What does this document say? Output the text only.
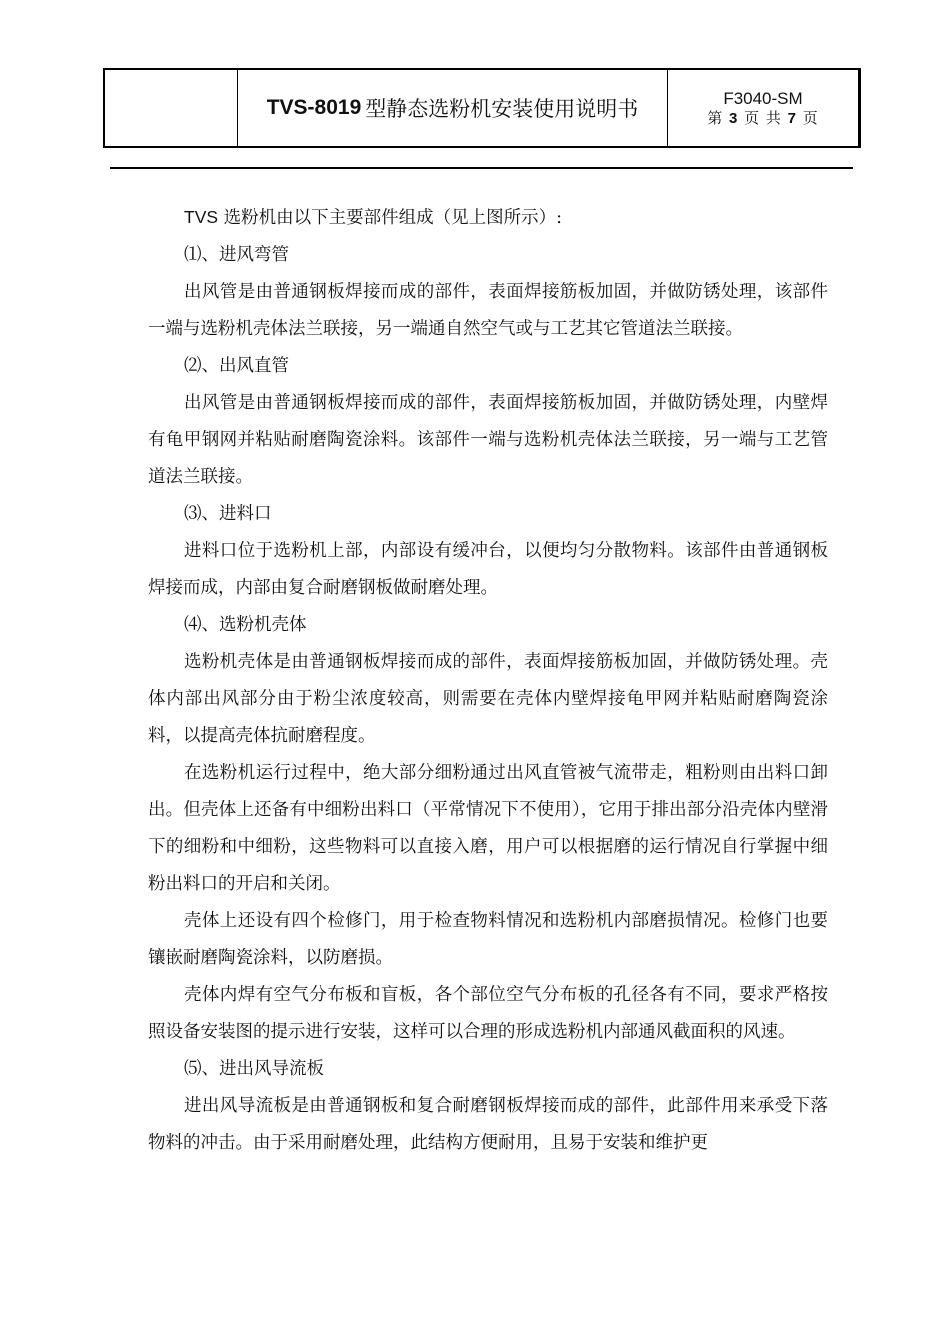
TVS-8019 型静态选粉机安装使用说明书	F3040-SM
第 3 页 共 7 页

TVS 选粉机由以下主要部件组成（见上图所示）:

⑴、进风弯管

出风管是由普通钢板焊接而成的部件，表面焊接筋板加固，并做防锈处理，该部件一端与选粉机壳体法兰联接，另一端通自然空气或与工艺其它管道法兰联接。

⑵、出风直管

出风管是由普通钢板焊接而成的部件，表面焊接筋板加固，并做防锈处理，内壁焊有龟甲钢网并粘贴耐磨陶瓷涂料。该部件一端与选粉机壳体法兰联接，另一端与工艺管道法兰联接。

⑶、进料口

进料口位于选粉机上部，内部设有缓冲台，以便均匀分散物料。该部件由普通钢板焊接而成，内部由复合耐磨钢板做耐磨处理。

⑷、选粉机壳体

选粉机壳体是由普通钢板焊接而成的部件，表面焊接筋板加固，并做防锈处理。壳体内部出风部分由于粉尘浓度较高，则需要在壳体内壁焊接龟甲网并粘贴耐磨陶瓷涂料，以提高壳体抗耐磨程度。

在选粉机运行过程中，绝大部分细粉通过出风直管被气流带走，粗粉则由出料口卸出。但壳体上还备有中细粉出料口（平常情况下不使用），它用于排出部分沿壳体内壁滑下的细粉和中细粉，这些物料可以直接入磨，用户可以根据磨的运行情况自行掌握中细粉出料口的开启和关闭。

壳体上还设有四个检修门，用于检查物料情况和选粉机内部磨损情况。检修门也要镶嵌耐磨陶瓷涂料，以防磨损。

壳体内焊有空气分布板和盲板，各个部位空气分布板的孔径各有不同，要求严格按照设备安装图的提示进行安装，这样可以合理的形成选粉机内部通风截面积的风速。

⑸、进出风导流板

进出风导流板是由普通钢板和复合耐磨钢板焊接而成的部件，此部件用来承受下落物料的冲击。由于采用耐磨处理，此结构方便耐用，且易于安装和维护更
